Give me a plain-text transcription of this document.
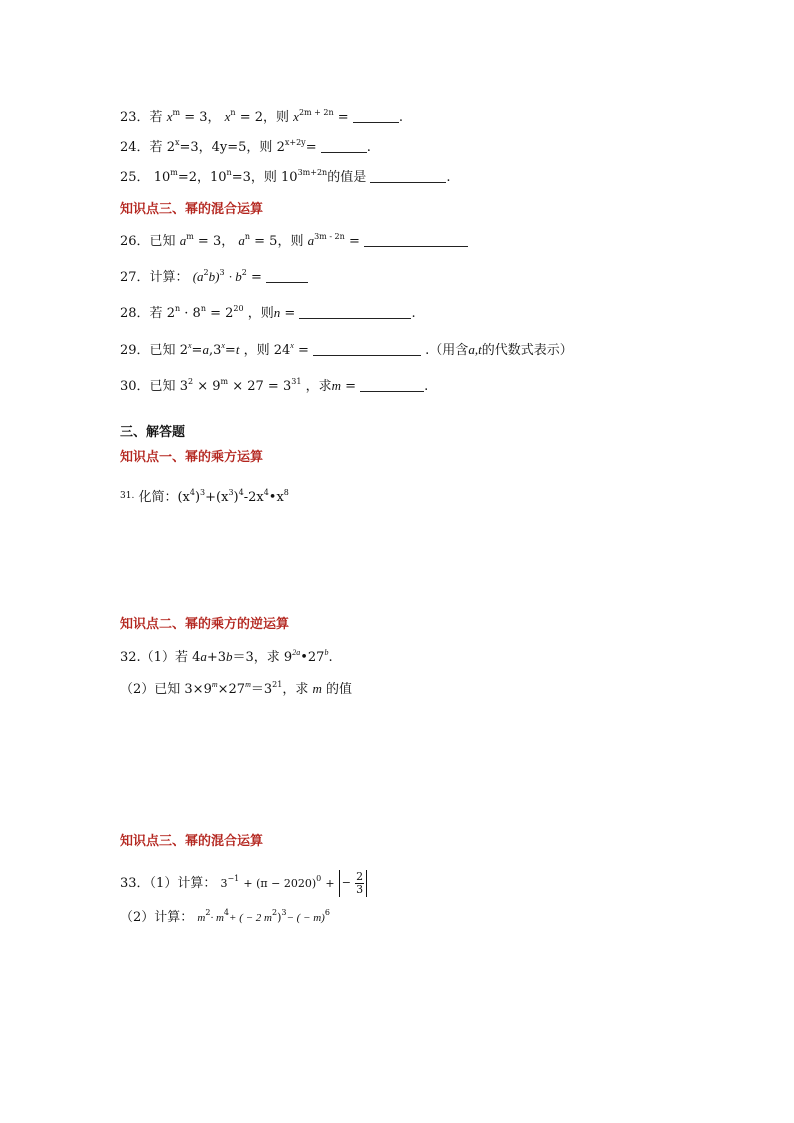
23．若 $x^m = 3$， $x^n = 2$，则 $x^{2m + 2n}$ =	.
24．若 $2^x=3$，4y=5，则 $2^{x+2y}=$	.
25． $10^m=2$，$10^n=3$，则 $10^{3m+2n}$的值是	.
知识点三、幂的混合运算
26．已知 $a^m = 3$， $a^n = 5$，则 $a^{3m - 2n}$ =
27．计算： $(a^2b)^3 \cdot b^2$ =
28．若 $2^n \cdot 8^n = 2^{20}$ ，则n =	.
29．已知 $2^x=a,3^x=t$ ，则 $24^x$ =	.（用含a,t的代数式表示）
30．已知 $3^2 \times 9^m \times 27 = 3^{31}$ ，求m =	.
三、解答题
知识点一、幂的乘方运算
$^{31.}$ 化简：$(x^4)^3+(x^3)^4-2x^4•x^8$
知识点二、幂的乘方的逆运算
32.（1）若 4a+3b＝3，求 $9^{2a}•27^b$.
（2）已知 $3\times 9^m\times 27^m=3^{21}$，求 m 的值
知识点三、幂的混合运算
33．（1）计算： $3^{-1} + (\pi - 2020)^0$ + − $\frac{2}{3}$
（2）计算： $m^2\cdot m^4+$ ( − 2 $m^2)^3-$ ( − m)$^6$
